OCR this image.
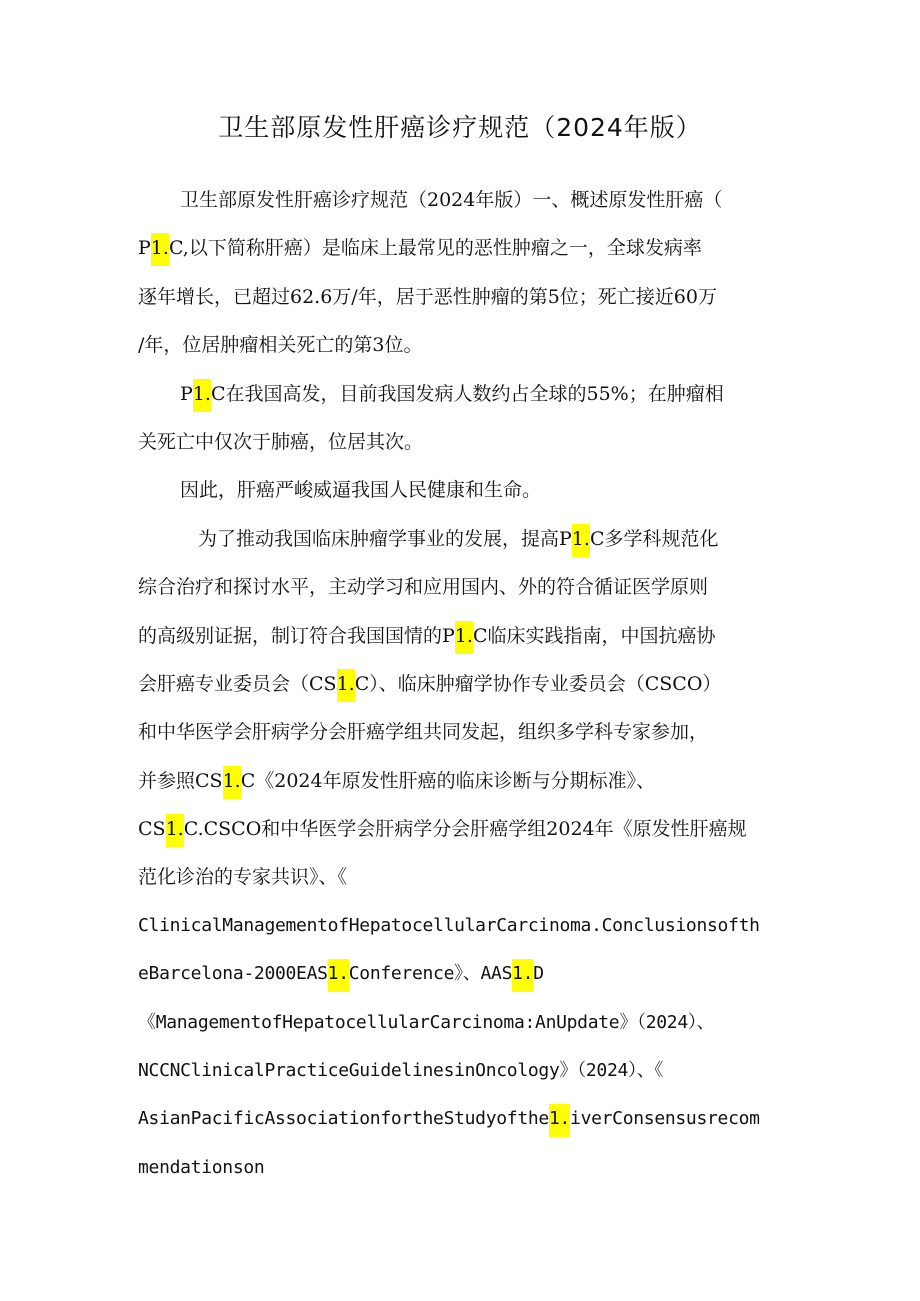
卫生部原发性肝癌诊疗规范（2024年版）
卫生部原发性肝癌诊疗规范（2024年版）一、概述原发性肝癌（
P1.C,以下简称肝癌）是临床上最常见的恶性肿瘤之一，全球发病率
逐年增长，已超过62.6万/年，居于恶性肿瘤的第5位；死亡接近60万
/年，位居肿瘤相关死亡的第3位。
P1.C在我国高发，目前我国发病人数约占全球的55%；在肿瘤相
关死亡中仅次于肺癌，位居其次。
因此，肝癌严峻威逼我国人民健康和生命。
为了推动我国临床肿瘤学事业的发展，提高P1.C多学科规范化
综合治疗和探讨水平，主动学习和应用国内、外的符合循证医学原则
的高级别证据，制订符合我国国情的P1.C临床实践指南，中国抗癌协
会肝癌专业委员会（CS1.C）、临床肿瘤学协作专业委员会（CSCO）
和中华医学会肝病学分会肝癌学组共同发起，组织多学科专家参加，
并参照CS1.C《2024年原发性肝癌的临床诊断与分期标准》、
CS1.C.CSCO和中华医学会肝病学分会肝癌学组2024年《原发性肝癌规
范化诊治的专家共识》、《
ClinicalManagementofHepatocellularCarcinoma.Conclusionsofth
eBarcelona-2000EAS1.Conference》、AAS1.D
《ManagementofHepatocellularCarcinoma:AnUpdate》（2024）、
NCCNClinicalPracticeGuidelinesinOncology》（2024）、《
AsianPacificAssociationfortheStudyofthe1.iverConsensusrecom
mendationson
